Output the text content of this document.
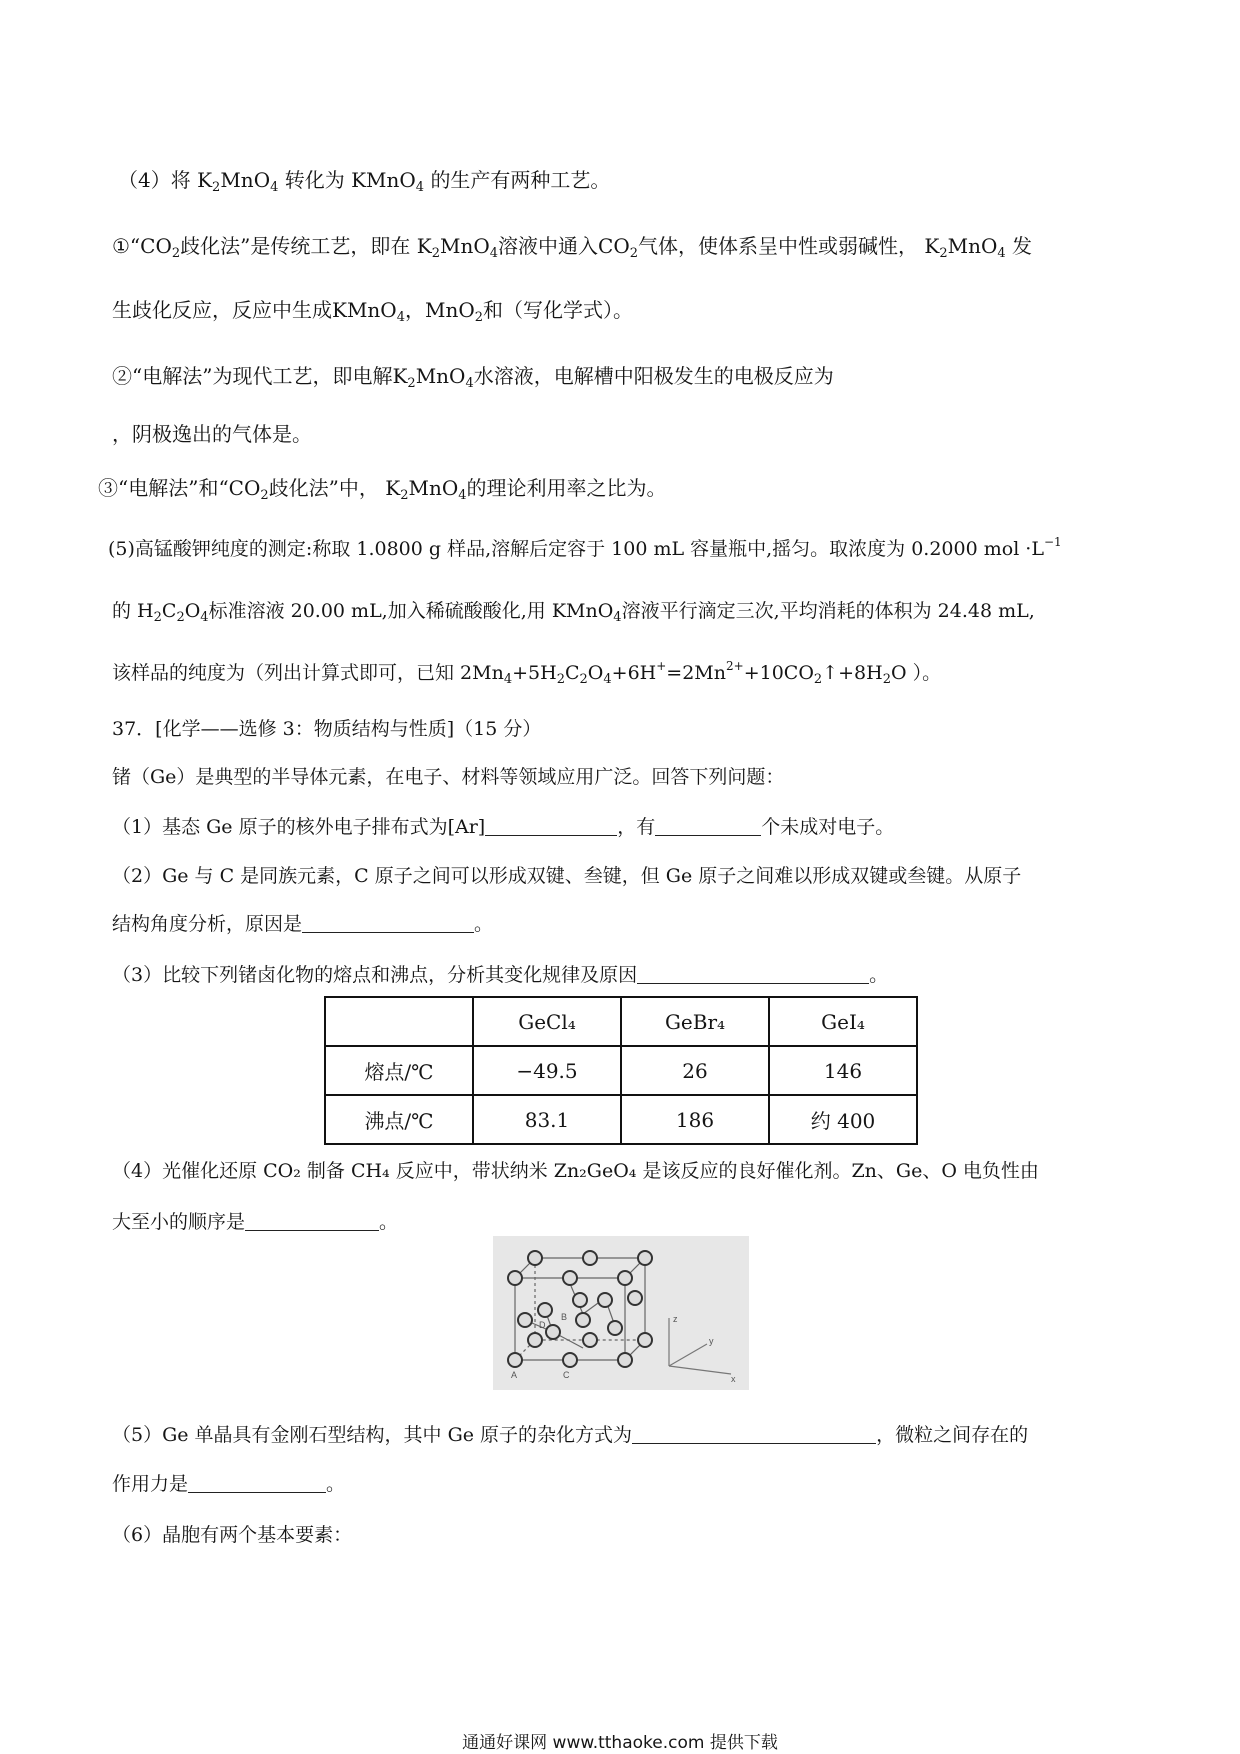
（4）将 $K_2MnO_4$ 转化为 KMnO$_4$ 的生产有两种工艺。
$①“CO_2$歧化法”是传统工艺，即在 $K_2MnO_4$溶液中通入$CO_2$气体，使体系呈中性或弱碱性， $K_2MnO_4$ 发
生歧化反应，反应中生成KMnO$_4$，MnO$_2$和（写化学式）。
②“电解法”为现代工艺，即电解$K_2MnO_4$水溶液，电解槽中阳极发生的电极反应为
，阴极逸出的气体是。
③“电解法”和“$CO_2$歧化法”中， $K_2MnO_4$的理论利用率之比为。
(5)高锰酸钾纯度的测定:称取 1.0800 g 样品,溶解后定容于 100 mL 容量瓶中,摇匀。取浓度为 0.2000 mol $\cdot L^{-1}$
的 $H_2C_2O_4$标准溶液 20.00 mL,加入稀硫酸酸化,用 KMnO$_4$溶液平行滴定三次,平均消耗的体积为 24.48 mL,
该样品的纯度为（列出计算式即可，已知 $2Mn_4+5H_2C_2O_4+6H^+=2Mn^{2+}+10CO_2↑+8H_2O$ ）。
37．[化学——选修 3：物质结构与性质]（15 分）
锗（Ge）是典型的半导体元素，在电子、材料等领域应用广泛。回答下列问题：
（1）基态 Ge 原子的核外电子排布式为[Ar]	，有	个未成对电子。
（2）Ge 与 C 是同族元素，C 原子之间可以形成双键、叁键，但 Ge 原子之间难以形成双键或叁键。从原子
结构角度分析，原因是	。
（3）比较下列锗卤化物的熔点和沸点，分析其变化规律及原因	。
	GeCl₄	GeBr₄	GeI₄
熔点/℃	−49.5	26	146
沸点/℃	83.1	186	约 400
（4）光催化还原 CO₂ 制备 CH₄ 反应中，带状纳米 Zn₂GeO₄ 是该反应的良好催化剂。Zn、Ge、O 电负性由
大至小的顺序是	。
A	C
B
D
z
y
x
（5）Ge 单晶具有金刚石型结构，其中 Ge 原子的杂化方式为	，微粒之间存在的
作用力是	。
（6）晶胞有两个基本要素：
通通好课网 www.tthaoke.com 提供下载
